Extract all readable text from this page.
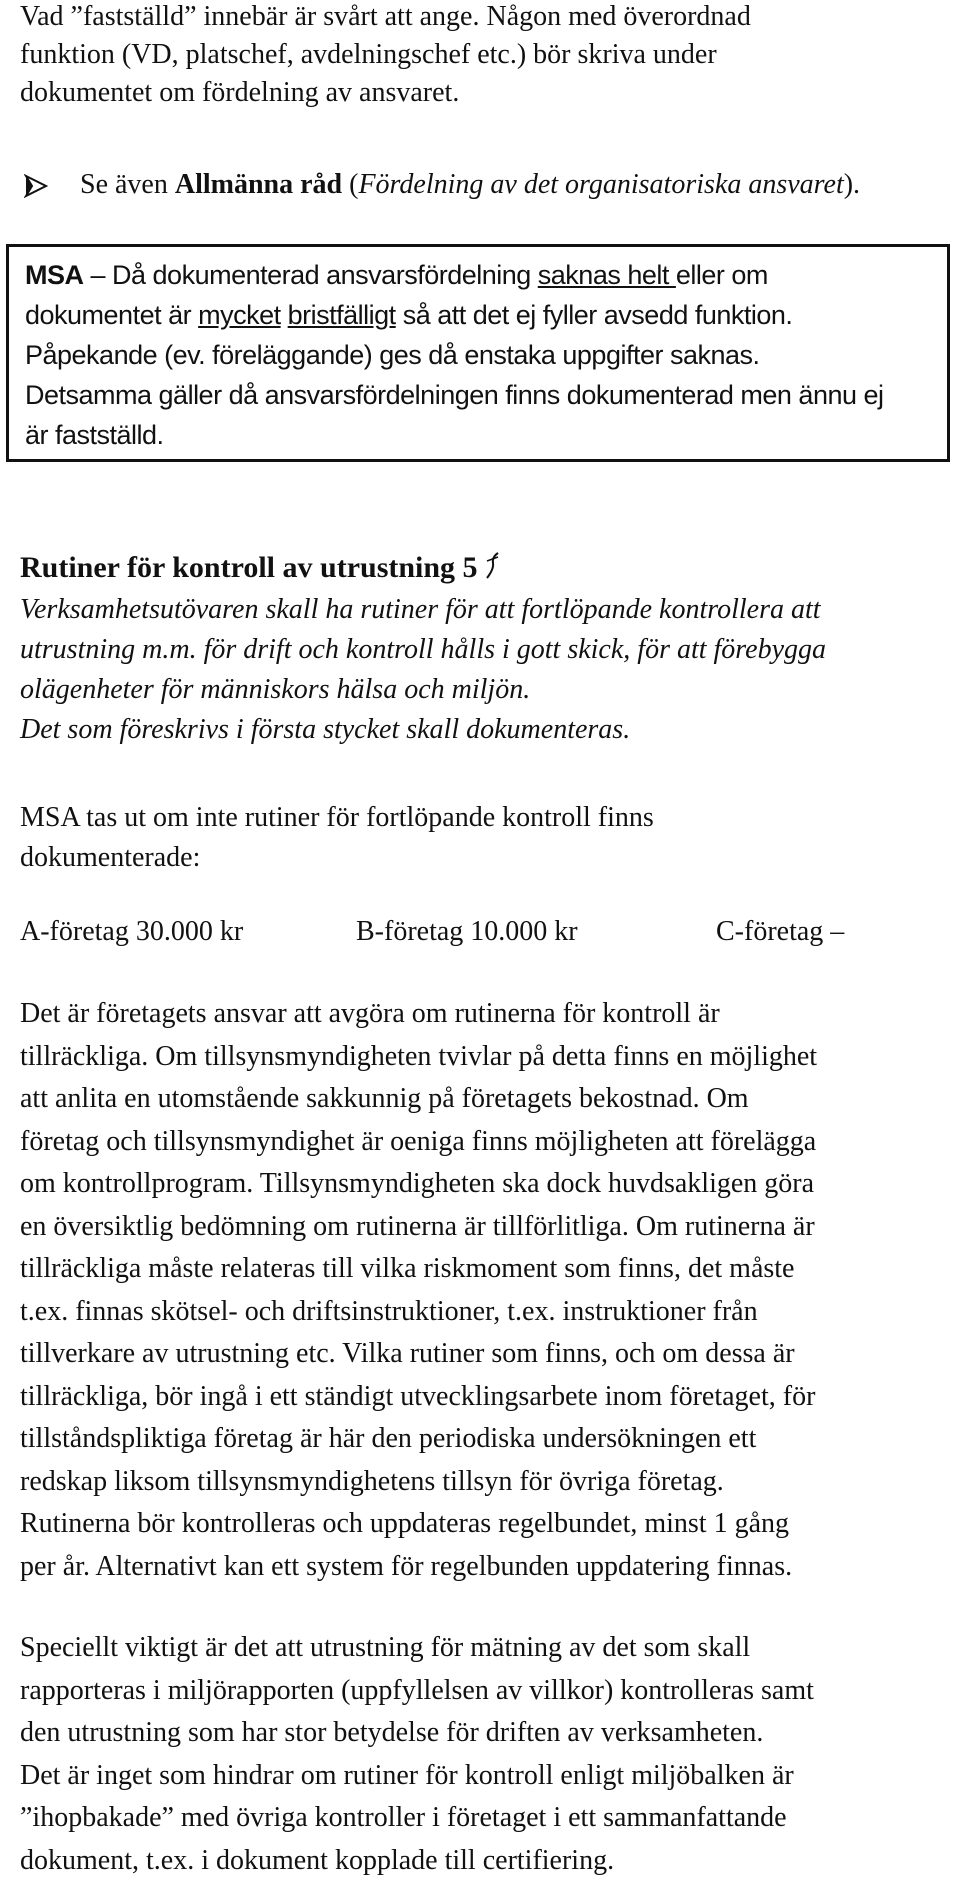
Vad ”fastställd” innebär är svårt att ange. Någon med överordnad

funktion (VD, platschef, avdelningschef etc.) bör skriva under

dokumentet om fördelning av ansvaret.

Se även Allmänna råd (Fördelning av det organisatoriska ansvaret).

MSA – Då dokumenterad ansvarsfördelning saknas helt eller om

dokumentet är mycket bristfälligt så att det ej fyller avsedd funktion.

Påpekande (ev. föreläggande) ges då enstaka uppgifter saknas.

Detsamma gäller då ansvarsfördelningen finns dokumenterad men ännu ej

är fastställd.

Rutiner för kontroll av utrustning 5

Verksamhetsutövaren skall ha rutiner för att fortlöpande kontrollera att
utrustning m.m. för drift och kontroll hålls i gott skick, för att förebygga
olägenheter för människors hälsa och miljön.
Det som föreskrivs i första stycket skall dokumenteras.

MSA tas ut om inte rutiner för fortlöpande kontroll finns

dokumenterade:

A-företag 30.000 kr	B-företag 10.000 kr	C-företag –

Det är företagets ansvar att avgöra om rutinerna för kontroll är

tillräckliga. Om tillsynsmyndigheten tvivlar på detta finns en möjlighet

att anlita en utomstående sakkunnig på företagets bekostnad. Om

företag och tillsynsmyndighet är oeniga finns möjligheten att förelägga

om kontrollprogram. Tillsynsmyndigheten ska dock huvdsakligen göra

en översiktlig bedömning om rutinerna är tillförlitliga. Om rutinerna är

tillräckliga måste relateras till vilka riskmoment som finns, det måste

t.ex. finnas skötsel- och driftsinstruktioner, t.ex. instruktioner från

tillverkare av utrustning etc. Vilka rutiner som finns, och om dessa är

tillräckliga, bör ingå i ett ständigt utvecklingsarbete inom företaget, för

tillståndspliktiga företag är här den periodiska undersökningen ett

redskap liksom tillsynsmyndighetens tillsyn för övriga företag.

Rutinerna bör kontrolleras och uppdateras regelbundet, minst 1 gång

per år. Alternativt kan ett system för regelbunden uppdatering finnas.

Speciellt viktigt är det att utrustning för mätning av det som skall

rapporteras i miljörapporten (uppfyllelsen av villkor) kontrolleras samt

den utrustning som har stor betydelse för driften av verksamheten.

Det är inget som hindrar om rutiner för kontroll enligt miljöbalken är

”ihopbakade” med övriga kontroller i företaget i ett sammanfattande

dokument, t.ex. i dokument kopplade till certifiering.
